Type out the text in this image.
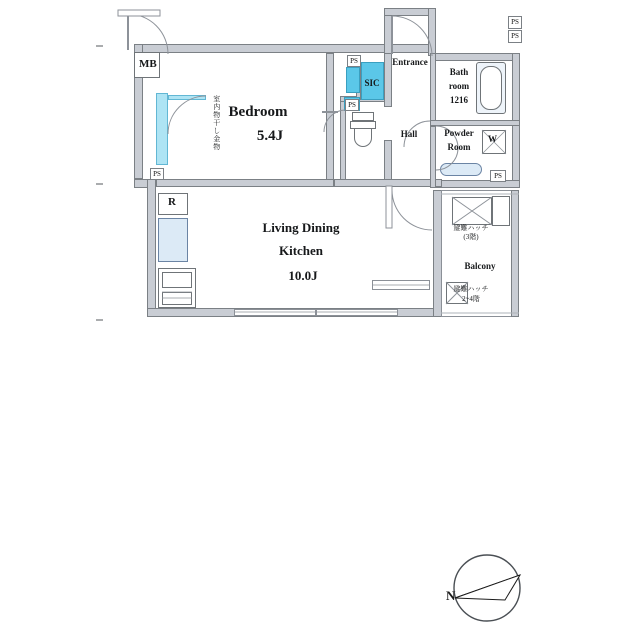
PS
PS
PS
PS
PS	PS
MB
R
W
Bedroom
5.4J
Living Dining
Kitchen
10.0J
Bath
room
1216
Powder
Room
Hall
Entrance
SIC
Balcony
避難ハッチ
(3階)
避難ハッチ
2~4階
室内物干し金物
N
